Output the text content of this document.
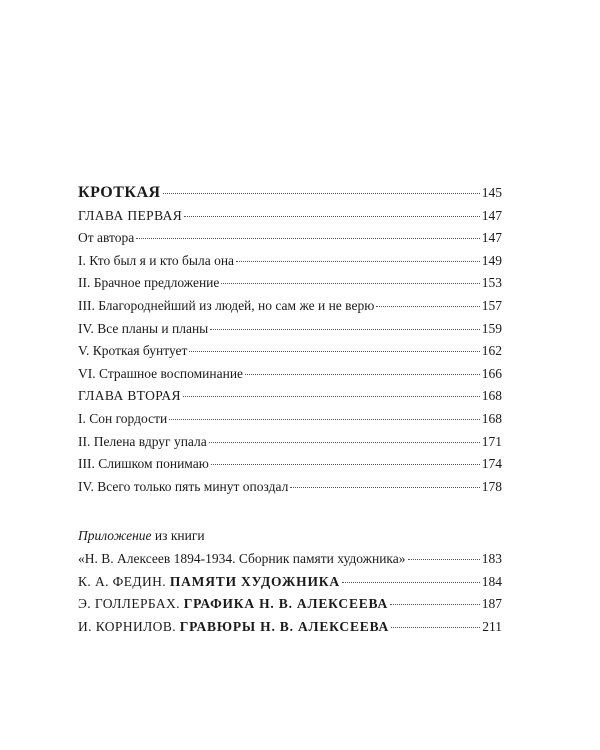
КРОТКАЯ	145
ГЛАВА ПЕРВАЯ	147
От автора	147
I. Кто был я и кто была она	149
II. Брачное предложение	153
III. Благороднейший из людей, но сам же и не верю	157
IV. Все планы и планы	159
V. Кроткая бунтует	162
VI. Страшное воспоминание	166
ГЛАВА ВТОРАЯ	168
I. Сон гордости	168
II. Пелена вдруг упала	171
III. Слишком понимаю	174
IV. Всего только пять минут опоздал	178
Приложение из книги
«Н. В. Алексеев 1894-1934. Сборник памяти художника»	183
К. А. ФЕДИН. ПАМЯТИ ХУДОЖНИКА	184
Э. ГОЛЛЕРБАХ. ГРАФИКА Н. В. АЛЕКСЕЕВА	187
И. КОРНИЛОВ. ГРАВЮРЫ Н. В. АЛЕКСЕЕВА	211
